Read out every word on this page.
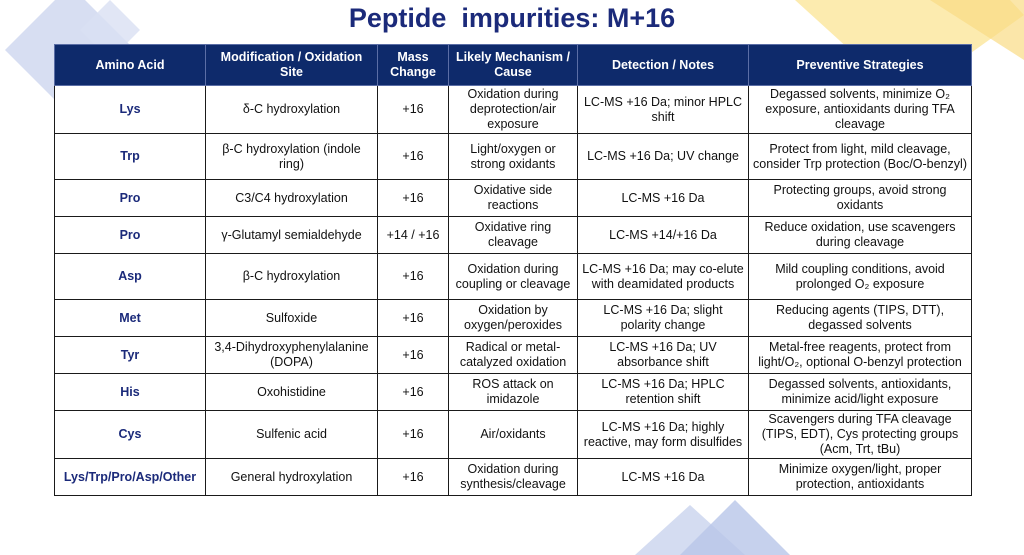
Peptide  impurities: M+16
Amino Acid	Modification / Oxidation Site	Mass Change	Likely Mechanism / Cause	Detection / Notes	Preventive Strategies
Lys	δ-C hydroxylation	+16	Oxidation during deprotection/air exposure	LC-MS +16 Da; minor HPLC shift	Degassed solvents, minimize O₂ exposure, antioxidants during TFA cleavage
Trp	β-C hydroxylation (indole ring)	+16	Light/oxygen or strong oxidants	LC-MS +16 Da; UV change	Protect from light, mild cleavage, consider Trp protection (Boc/O-benzyl)
Pro	C3/C4 hydroxylation	+16	Oxidative side reactions	LC-MS +16 Da	Protecting groups, avoid strong oxidants
Pro	γ-Glutamyl semialdehyde	+14 / +16	Oxidative ring cleavage	LC-MS +14/+16 Da	Reduce oxidation, use scavengers during cleavage
Asp	β-C hydroxylation	+16	Oxidation during coupling or cleavage	LC-MS +16 Da; may co-elute with deamidated products	Mild coupling conditions, avoid prolonged O₂ exposure
Met	Sulfoxide	+16	Oxidation by oxygen/peroxides	LC-MS +16 Da; slight polarity change	Reducing agents (TIPS, DTT), degassed solvents
Tyr	3,4-Dihydroxyphenylalanine (DOPA)	+16	Radical or metal-catalyzed oxidation	LC-MS +16 Da; UV absorbance shift	Metal-free reagents, protect from light/O₂, optional O-benzyl protection
His	Oxohistidine	+16	ROS attack on imidazole	LC-MS +16 Da; HPLC retention shift	Degassed solvents, antioxidants, minimize acid/light exposure
Cys	Sulfenic acid	+16	Air/oxidants	LC-MS +16 Da; highly reactive, may form disulfides	Scavengers during TFA cleavage (TIPS, EDT), Cys protecting groups (Acm, Trt, tBu)
Lys/Trp/Pro/Asp/Other	General hydroxylation	+16	Oxidation during synthesis/cleavage	LC-MS +16 Da	Minimize oxygen/light, proper protection, antioxidants
